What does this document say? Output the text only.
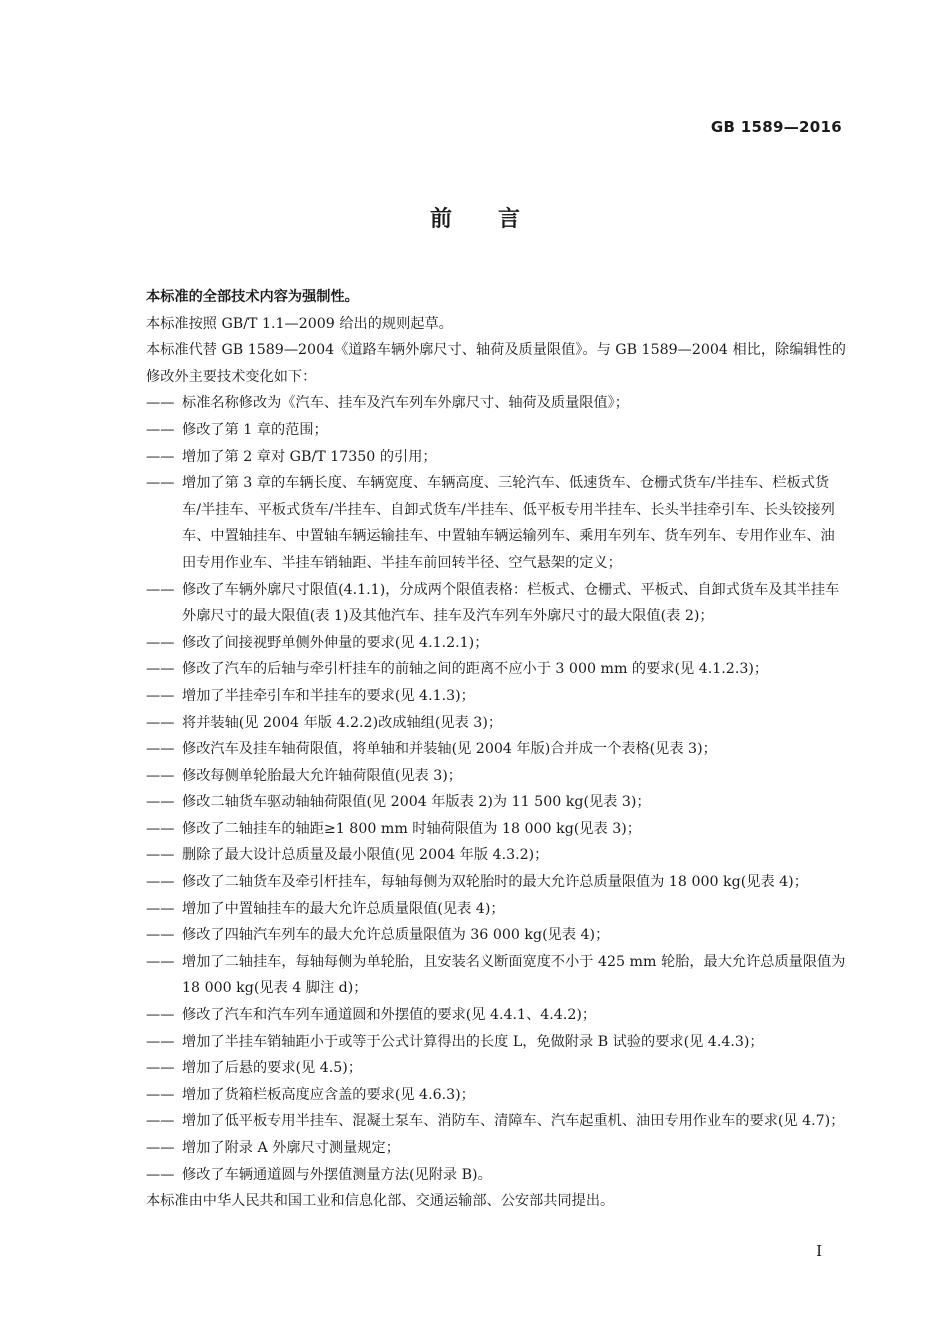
GB 1589—2016
前言

本标准的全部技术内容为强制性。

本标准按照 GB/T 1.1—2009 给出的规则起草。

本标准代替 GB 1589—2004《道路车辆外廓尺寸、轴荷及质量限值》。与 GB 1589—2004 相比，除编辑性的修改外主要技术变化如下：

—— 标准名称修改为《汽车、挂车及汽车列车外廓尺寸、轴荷及质量限值》；

—— 修改了第 1 章的范围；

—— 增加了第 2 章对 GB/T 17350 的引用；

—— 增加了第 3 章的车辆长度、车辆宽度、车辆高度、三轮汽车、低速货车、仓栅式货车/半挂车、栏板式货车/半挂车、平板式货车/半挂车、自卸式货车/半挂车、低平板专用半挂车、长头半挂牵引车、长头铰接列车、中置轴挂车、中置轴车辆运输挂车、中置轴车辆运输列车、乘用车列车、货车列车、专用作业车、油田专用作业车、半挂车销轴距、半挂车前回转半径、空气悬架的定义；

—— 修改了车辆外廓尺寸限值(4.1.1)，分成两个限值表格：栏板式、仓栅式、平板式、自卸式货车及其半挂车外廓尺寸的最大限值(表 1)及其他汽车、挂车及汽车列车外廓尺寸的最大限值(表 2)；

—— 修改了间接视野单侧外伸量的要求(见 4.1.2.1)；

—— 修改了汽车的后轴与牵引杆挂车的前轴之间的距离不应小于 3 000 mm 的要求(见 4.1.2.3)；

—— 增加了半挂牵引车和半挂车的要求(见 4.1.3)；

—— 将并装轴(见 2004 年版 4.2.2)改成轴组(见表 3)；

—— 修改汽车及挂车轴荷限值，将单轴和并装轴(见 2004 年版)合并成一个表格(见表 3)；

—— 修改每侧单轮胎最大允许轴荷限值(见表 3)；

—— 修改二轴货车驱动轴轴荷限值(见 2004 年版表 2)为 11 500 kg(见表 3)；

—— 修改了二轴挂车的轴距≥1 800 mm 时轴荷限值为 18 000 kg(见表 3)；

—— 删除了最大设计总质量及最小限值(见 2004 年版 4.3.2)；

—— 修改了二轴货车及牵引杆挂车，每轴每侧为双轮胎时的最大允许总质量限值为 18 000 kg(见表 4)；

—— 增加了中置轴挂车的最大允许总质量限值(见表 4)；

—— 修改了四轴汽车列车的最大允许总质量限值为 36 000 kg(见表 4)；

—— 增加了二轴挂车，每轴每侧为单轮胎，且安装名义断面宽度不小于 425 mm 轮胎，最大允许总质量限值为 18 000 kg(见表 4 脚注 d)；

—— 修改了汽车和汽车列车通道圆和外摆值的要求(见 4.4.1、4.4.2)；

—— 增加了半挂车销轴距小于或等于公式计算得出的长度 L，免做附录 B 试验的要求(见 4.4.3)；

—— 增加了后悬的要求(见 4.5)；

—— 增加了货箱栏板高度应含盖的要求(见 4.6.3)；

—— 增加了低平板专用半挂车、混凝土泵车、消防车、清障车、汽车起重机、油田专用作业车的要求(见 4.7)；

—— 增加了附录 A 外廓尺寸测量规定；

—— 修改了车辆通道圆与外摆值测量方法(见附录 B)。

本标准由中华人民共和国工业和信息化部、交通运输部、公安部共同提出。

I
